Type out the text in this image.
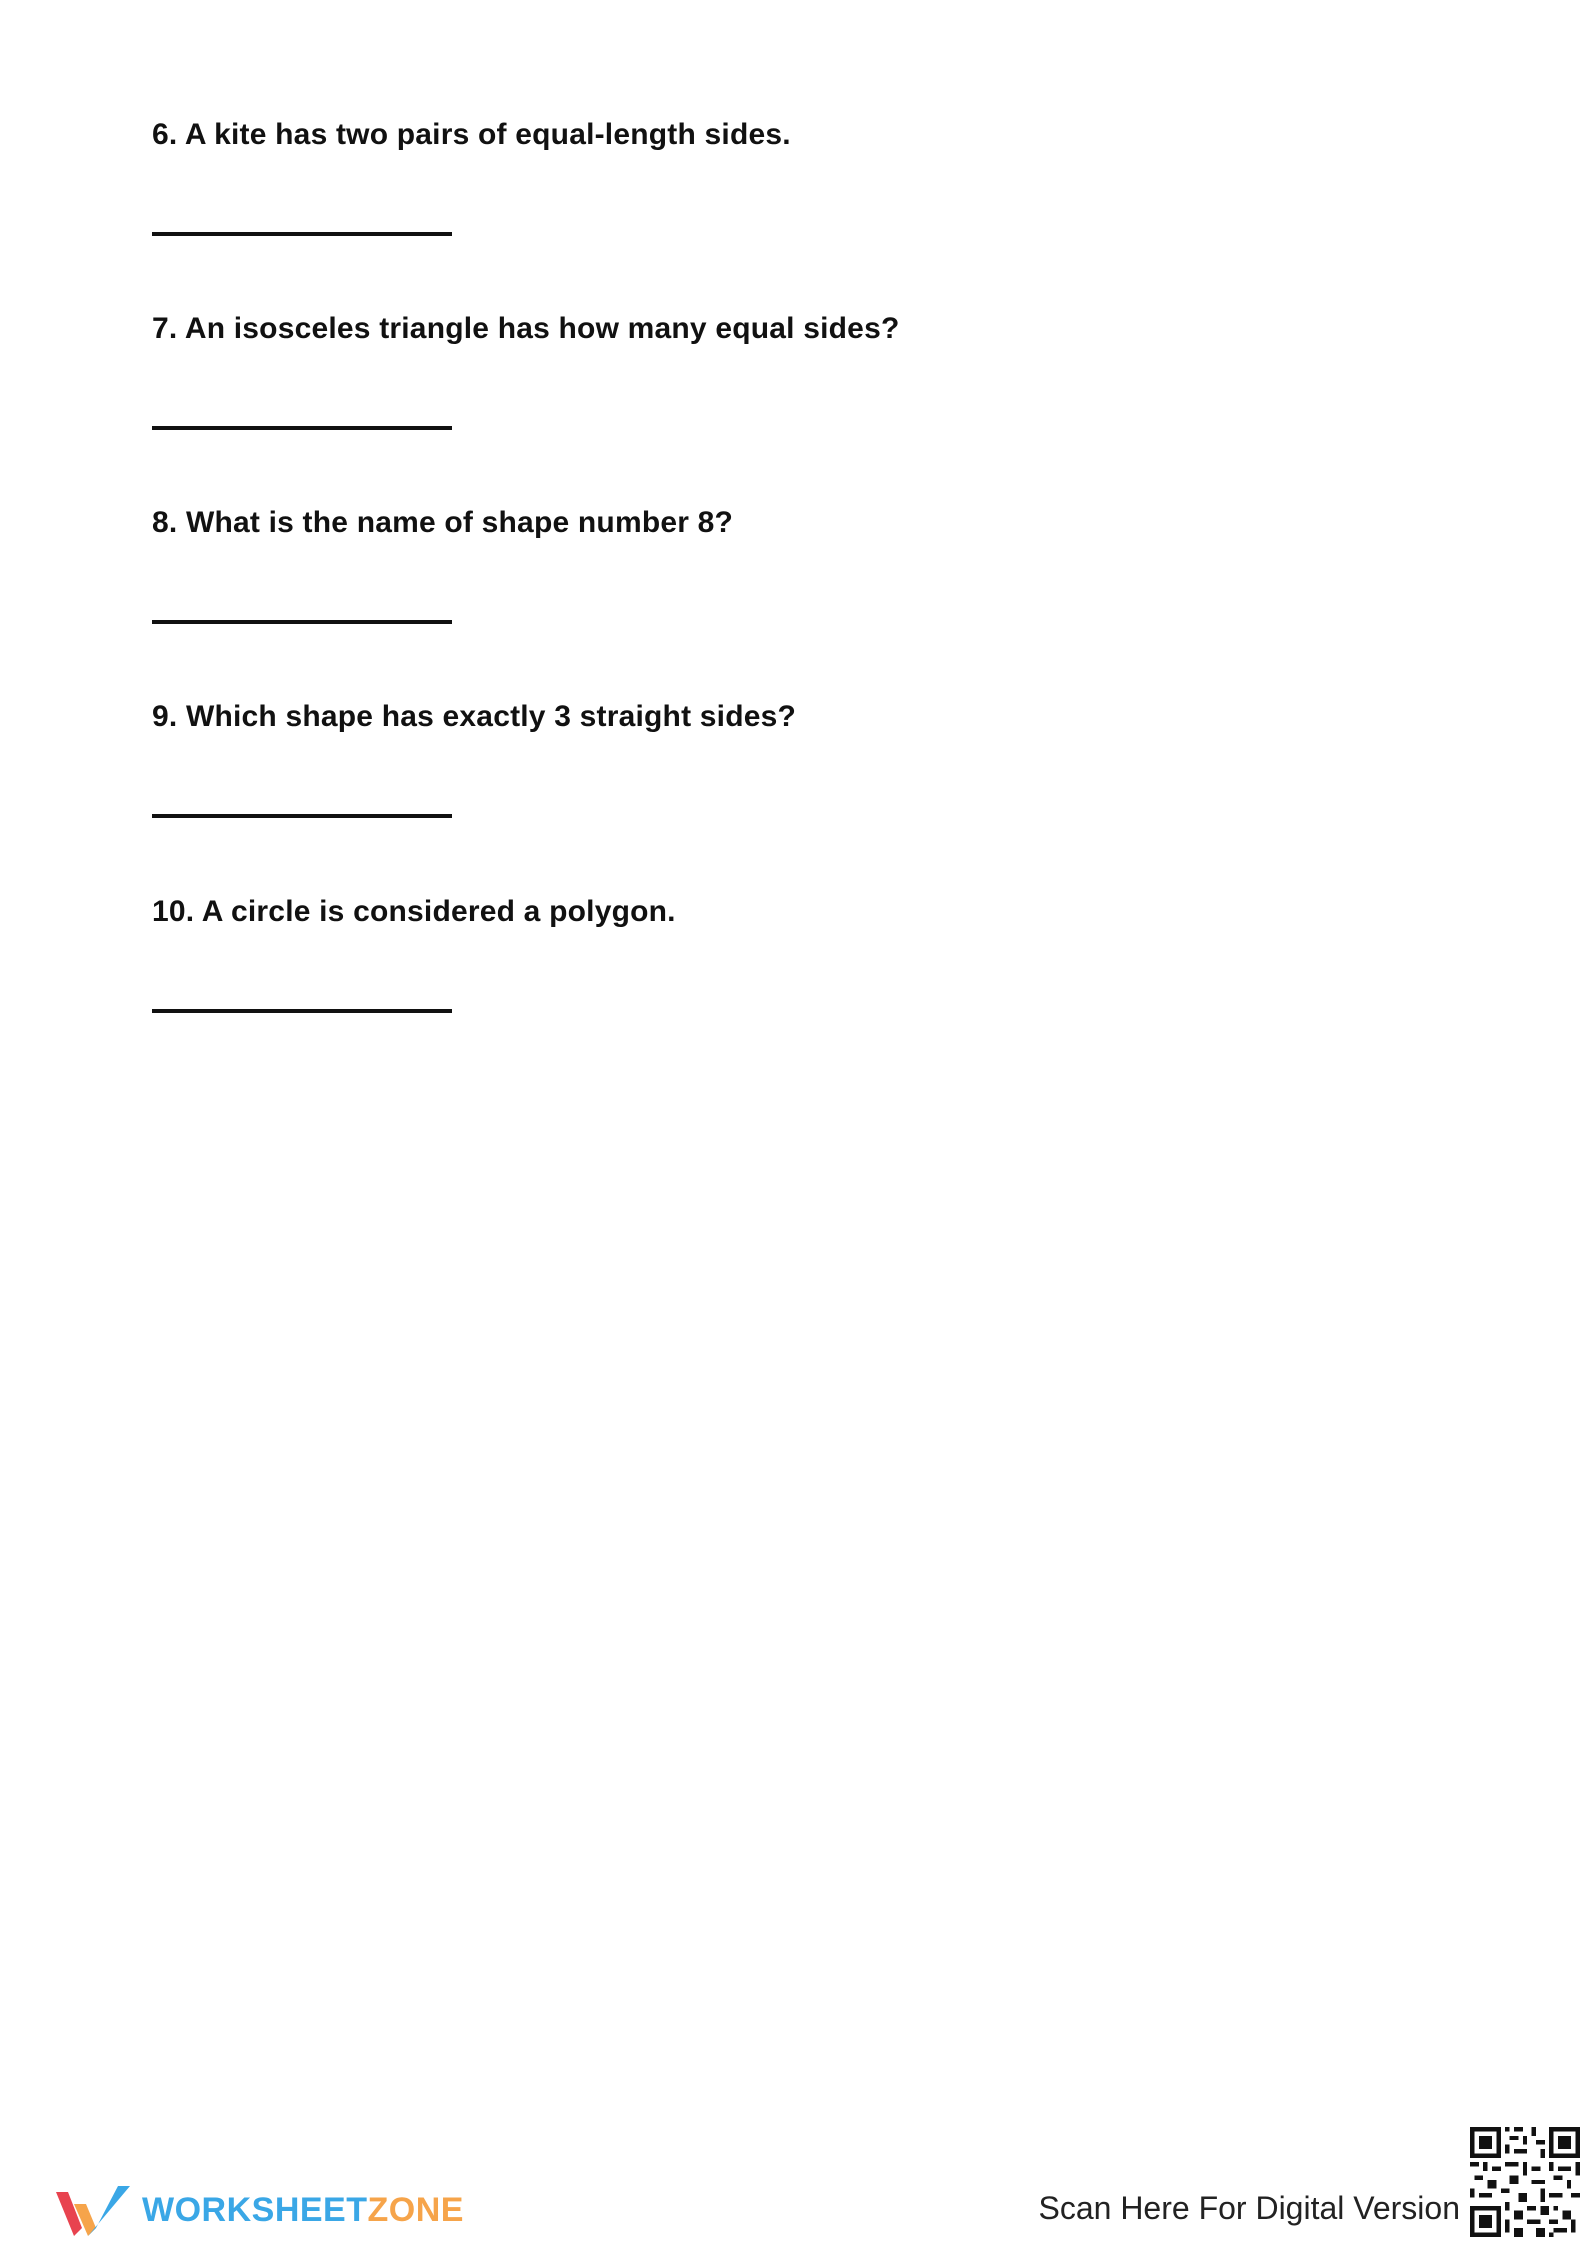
6. A kite has two pairs of equal-length sides.
7. An isosceles triangle has how many equal sides?
8. What is the name of shape number 8?
9. Which shape has exactly 3 straight sides?
10. A circle is considered a polygon.
WORKSHEETZONE	Scan Here For Digital Version
